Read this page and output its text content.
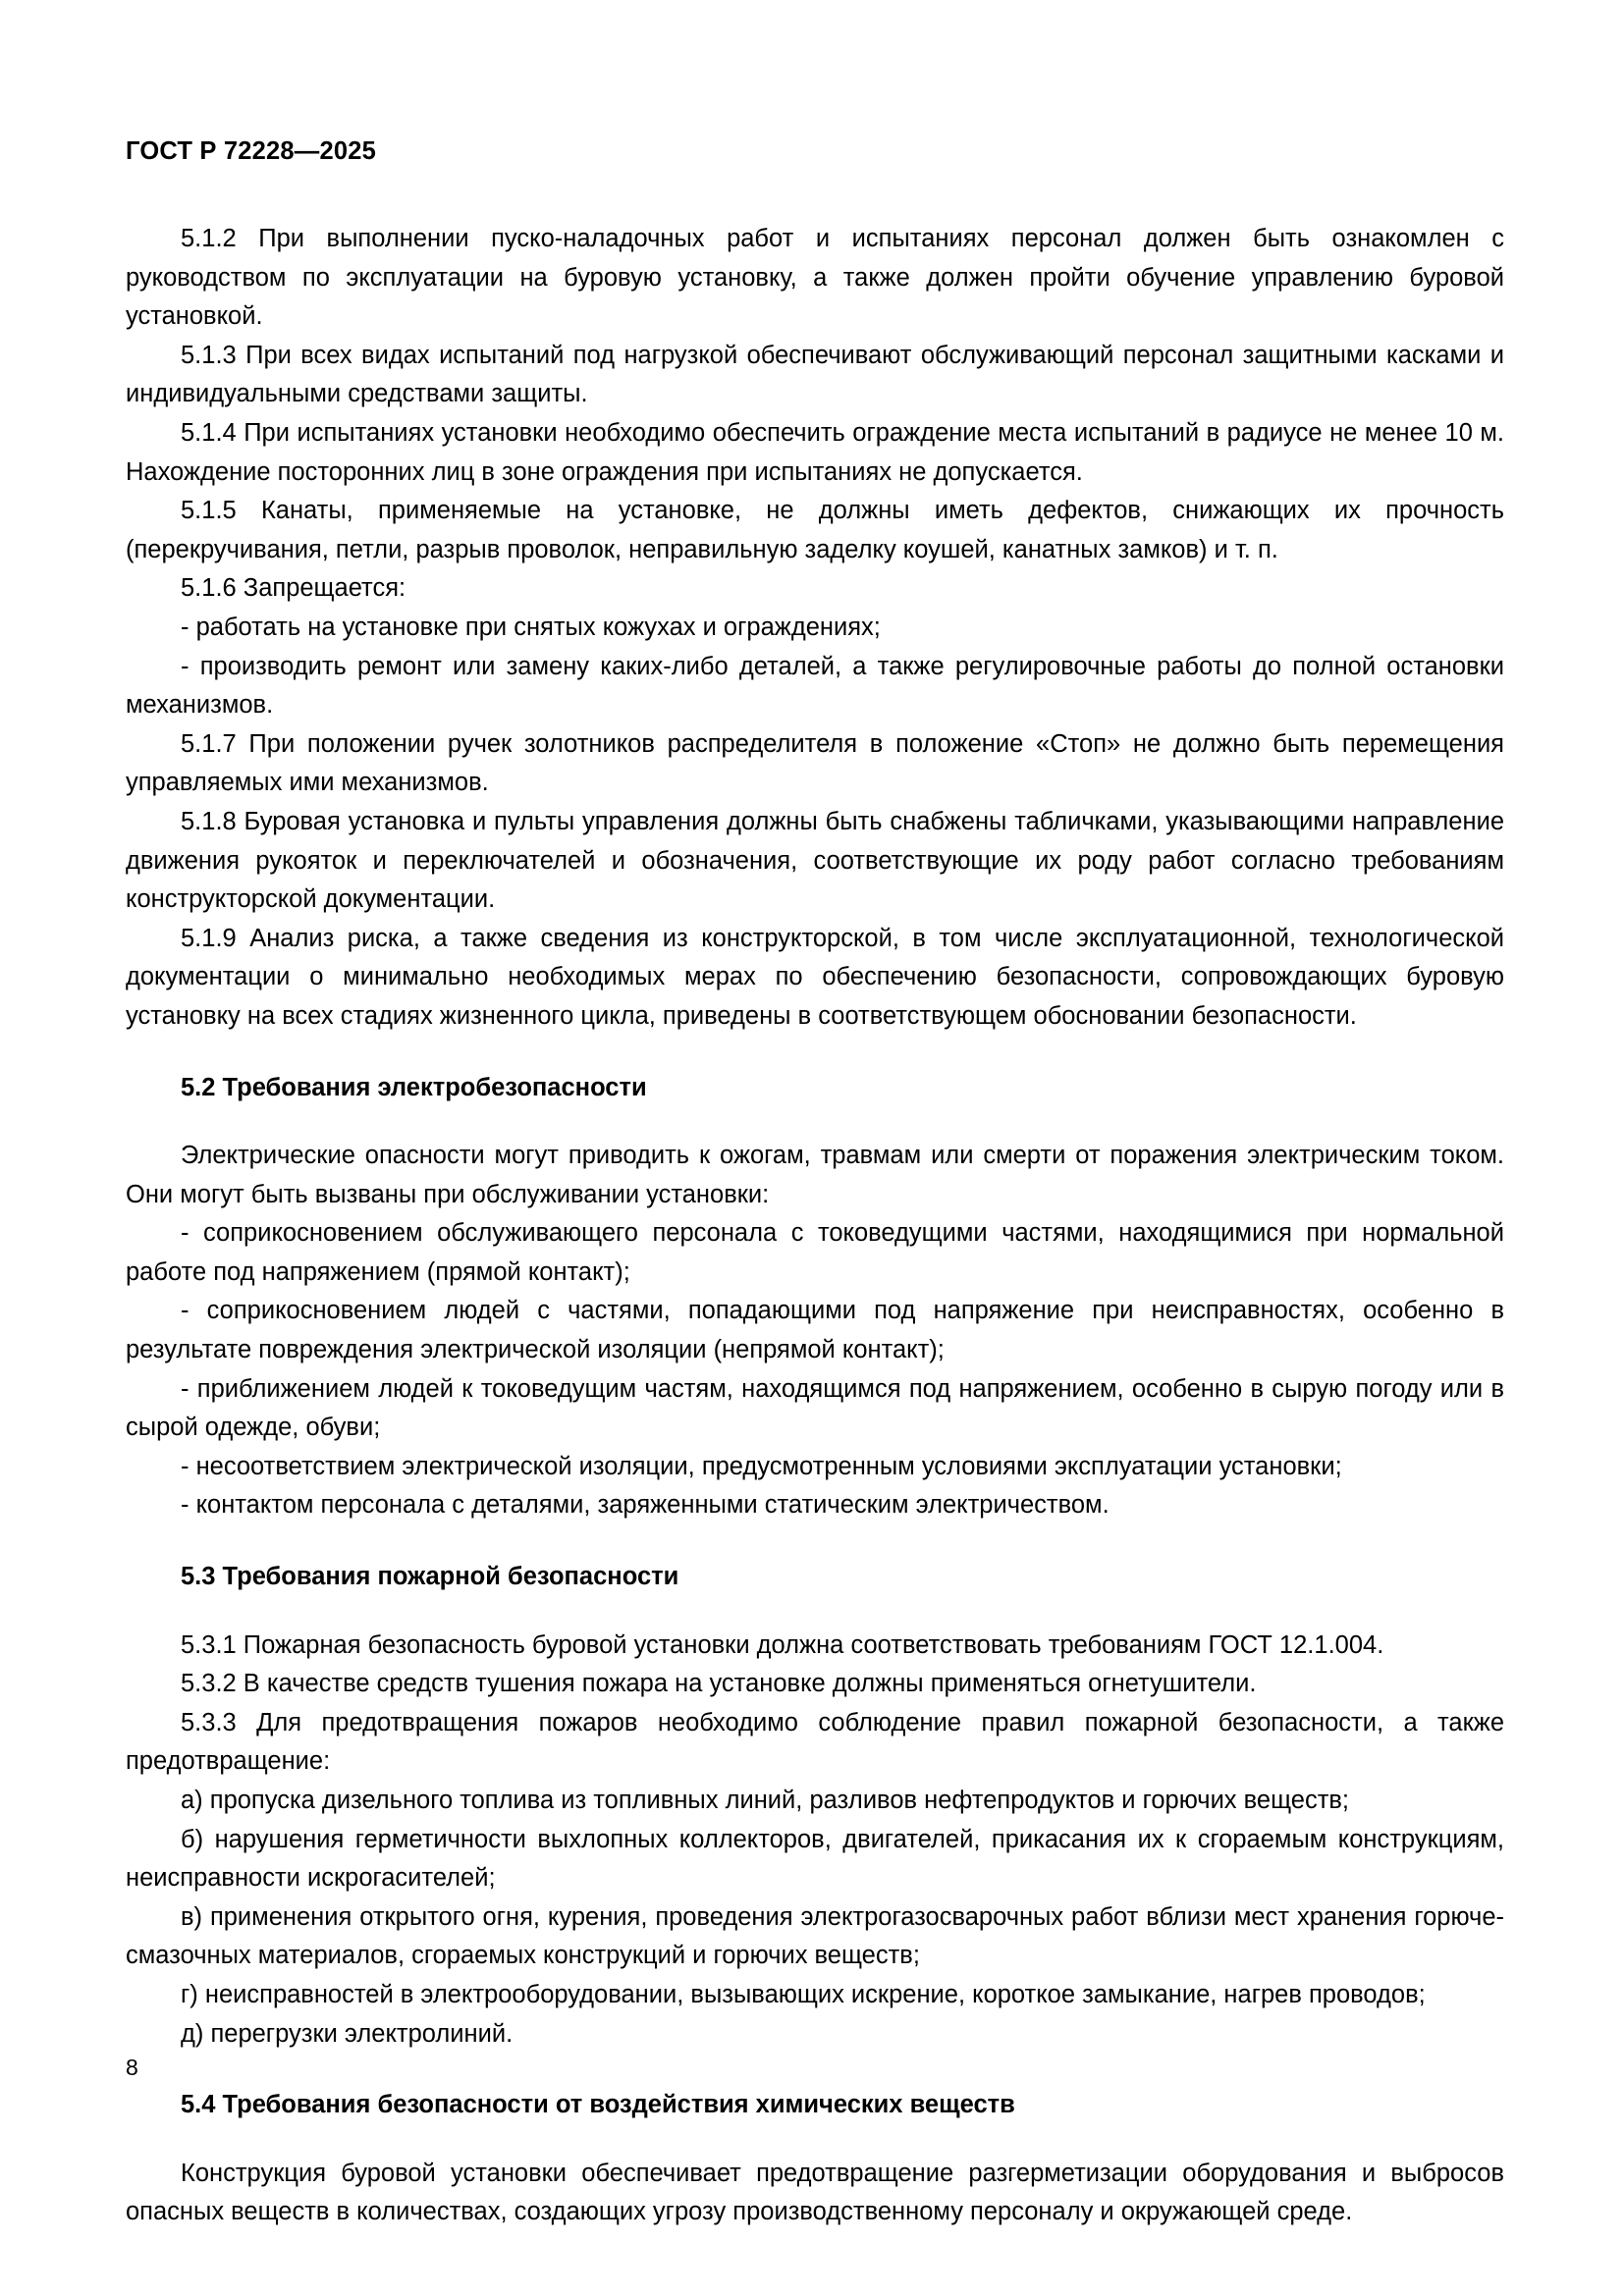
ГОСТ Р 72228—2025

5.1.2 При выполнении пуско-наладочных работ и испытаниях персонал должен быть ознакомлен с руководством по эксплуатации на буровую установку, а также должен пройти обучение управлению буровой установкой.

5.1.3 При всех видах испытаний под нагрузкой обеспечивают обслуживающий персонал защитными касками и индивидуальными средствами защиты.

5.1.4 При испытаниях установки необходимо обеспечить ограждение места испытаний в радиусе не менее 10 м. Нахождение посторонних лиц в зоне ограждения при испытаниях не допускается.

5.1.5 Канаты, применяемые на установке, не должны иметь дефектов, снижающих их прочность (перекручивания, петли, разрыв проволок, неправильную заделку коушей, канатных замков) и т. п.

5.1.6 Запрещается:

- работать на установке при снятых кожухах и ограждениях;

- производить ремонт или замену каких-либо деталей, а также регулировочные работы до полной остановки механизмов.

5.1.7 При положении ручек золотников распределителя в положение «Стоп» не должно быть перемещения управляемых ими механизмов.

5.1.8 Буровая установка и пульты управления должны быть снабжены табличками, указывающими направление движения рукояток и переключателей и обозначения, соответствующие их роду работ согласно требованиям конструкторской документации.

5.1.9 Анализ риска, а также сведения из конструкторской, в том числе эксплуатационной, технологической документации о минимально необходимых мерах по обеспечению безопасности, сопровождающих буровую установку на всех стадиях жизненного цикла, приведены в соответствующем обосновании безопасности.

5.2 Требования электробезопасности

Электрические опасности могут приводить к ожогам, травмам или смерти от поражения электрическим током. Они могут быть вызваны при обслуживании установки:

- соприкосновением обслуживающего персонала с токоведущими частями, находящимися при нормальной работе под напряжением (прямой контакт);

- соприкосновением людей с частями, попадающими под напряжение при неисправностях, особенно в результате повреждения электрической изоляции (непрямой контакт);

- приближением людей к токоведущим частям, находящимся под напряжением, особенно в сырую погоду или в сырой одежде, обуви;

- несоответствием электрической изоляции, предусмотренным условиями эксплуатации установки;

- контактом персонала с деталями, заряженными статическим электричеством.

5.3 Требования пожарной безопасности

5.3.1 Пожарная безопасность буровой установки должна соответствовать требованиям ГОСТ 12.1.004.

5.3.2 В качестве средств тушения пожара на установке должны применяться огнетушители.

5.3.3 Для предотвращения пожаров необходимо соблюдение правил пожарной безопасности, а также предотвращение:

а) пропуска дизельного топлива из топливных линий, разливов нефтепродуктов и горючих веществ;

б) нарушения герметичности выхлопных коллекторов, двигателей, прикасания их к сгораемым конструкциям, неисправности искрогасителей;

в) применения открытого огня, курения, проведения электрогазосварочных работ вблизи мест хранения горюче-смазочных материалов, сгораемых конструкций и горючих веществ;

г) неисправностей в электрооборудовании, вызывающих искрение, короткое замыкание, нагрев проводов;

д) перегрузки электролиний.

5.4 Требования безопасности от воздействия химических веществ

Конструкция буровой установки обеспечивает предотвращение разгерметизации оборудования и выбросов опасных веществ в количествах, создающих угрозу производственному персоналу и окружающей среде.

8
